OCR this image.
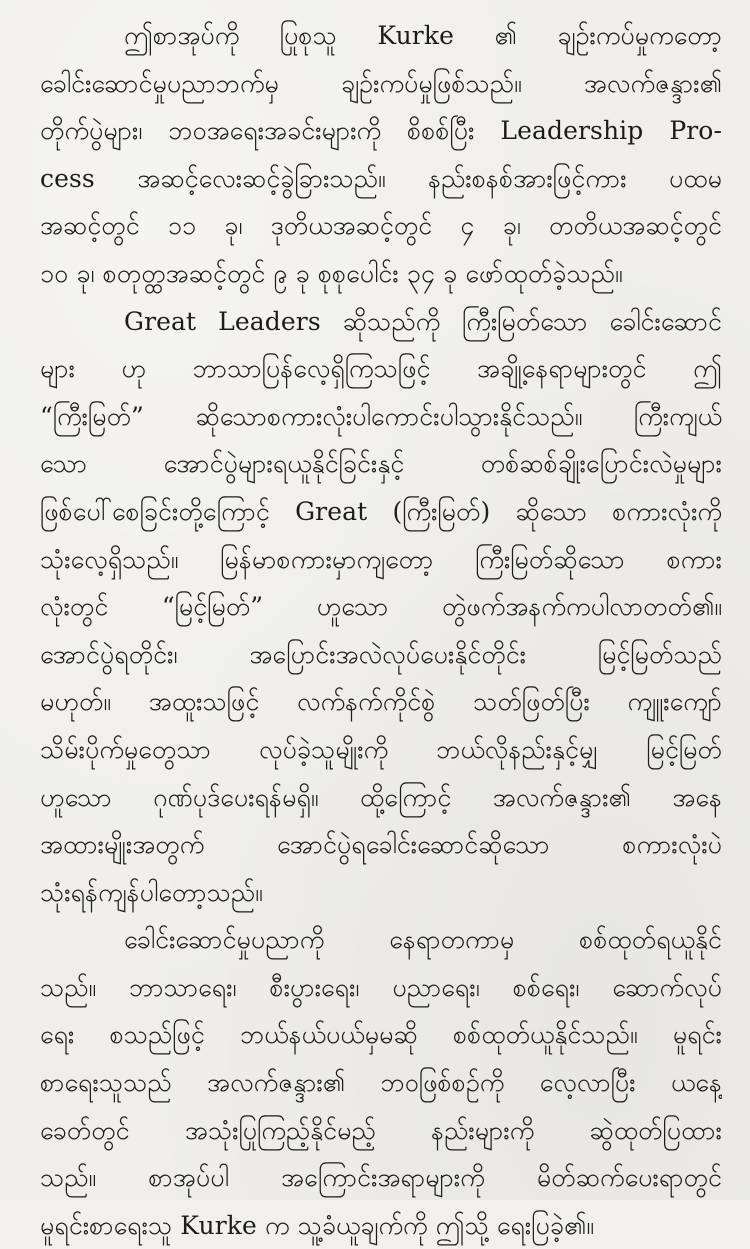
ဤစာအုပ်ကို ပြုစုသူ Kurke ၏ ချဉ်းကပ်မှုကတော့
ခေါင်းဆောင်မှုပညာဘက်မှ ချဉ်းကပ်မှုဖြစ်သည်။ အလက်ဇန္ဒား၏
တိုက်ပွဲများ၊ ဘဝအရေးအခင်းများကို စိစစ်ပြီး Leadership Pro-
cess အဆင့်လေးဆင့်ခွဲခြားသည်။ နည်းစနစ်အားဖြင့်ကား ပထမ
အဆင့်တွင် ၁၁ ခု၊ ဒုတိယအဆင့်တွင် ၄ ခု၊ တတိယအဆင့်တွင်
၁၀ ခု၊ စတုတ္ထအဆင့်တွင် ၉ ခု စုစုပေါင်း ၃၄ ခု ဖော်ထုတ်ခဲ့သည်။
Great Leaders ဆိုသည်ကို ကြီးမြတ်သော ခေါင်းဆောင်
များ ဟု ဘာသာပြန်လေ့ရှိကြသဖြင့် အချို့နေရာများတွင် ဤ
“ကြီးမြတ်” ဆိုသောစကားလုံးပါကောင်းပါသွားနိုင်သည်။ ကြီးကျယ်
သော အောင်ပွဲများရယူနိုင်ခြင်းနှင့် တစ်ဆစ်ချိုးပြောင်းလဲမှုများ
ဖြစ်ပေါ်စေခြင်းတို့ကြောင့် Great (ကြီးမြတ်) ဆိုသော စကားလုံးကို
သုံးလေ့ရှိသည်။ မြန်မာစကားမှာကျတော့ ကြီးမြတ်ဆိုသော စကား
လုံးတွင် “မြင့်မြတ်” ဟူသော တွဲဖက်အနက်ကပါလာတတ်၏။
အောင်ပွဲရတိုင်း၊ အပြောင်းအလဲလုပ်ပေးနိုင်တိုင်း မြင့်မြတ်သည်
မဟုတ်။ အထူးသဖြင့် လက်နက်ကိုင်စွဲ သတ်ဖြတ်ပြီး ကျူးကျော်
သိမ်းပိုက်မှုတွေသာ လုပ်ခဲ့သူမျိုးကို ဘယ်လိုနည်းနှင့်မျှ မြင့်မြတ်
ဟူသော ဂုဏ်ပုဒ်ပေးရန်မရှိ။ ထို့ကြောင့် အလက်ဇန္ဒား၏ အနေ
အထားမျိုးအတွက် အောင်ပွဲရခေါင်းဆောင်ဆိုသော စကားလုံးပဲ
သုံးရန်ကျန်ပါတော့သည်။
ခေါင်းဆောင်မှုပညာကို နေရာတကာမှ စစ်ထုတ်ရယူနိုင်
သည်။ ဘာသာရေး၊ စီးပွားရေး၊ ပညာရေး၊ စစ်ရေး၊ ဆောက်လုပ်
ရေး စသည်ဖြင့် ဘယ်နယ်ပယ်မှမဆို စစ်ထုတ်ယူနိုင်သည်။ မူရင်း
စာရေးသူသည် အလက်ဇန္ဒား၏ ဘဝဖြစ်စဉ်ကို လေ့လာပြီး ယနေ့
ခေတ်တွင် အသုံးပြုကြည့်နိုင်မည့် နည်းများကို ဆွဲထုတ်ပြထား
သည်။ စာအုပ်ပါ အကြောင်းအရာများကို မိတ်ဆက်ပေးရာတွင်
မူရင်းစာရေးသူ Kurke က သူ့ခံယူချက်ကို ဤသို့ ရေးပြခဲ့၏။
